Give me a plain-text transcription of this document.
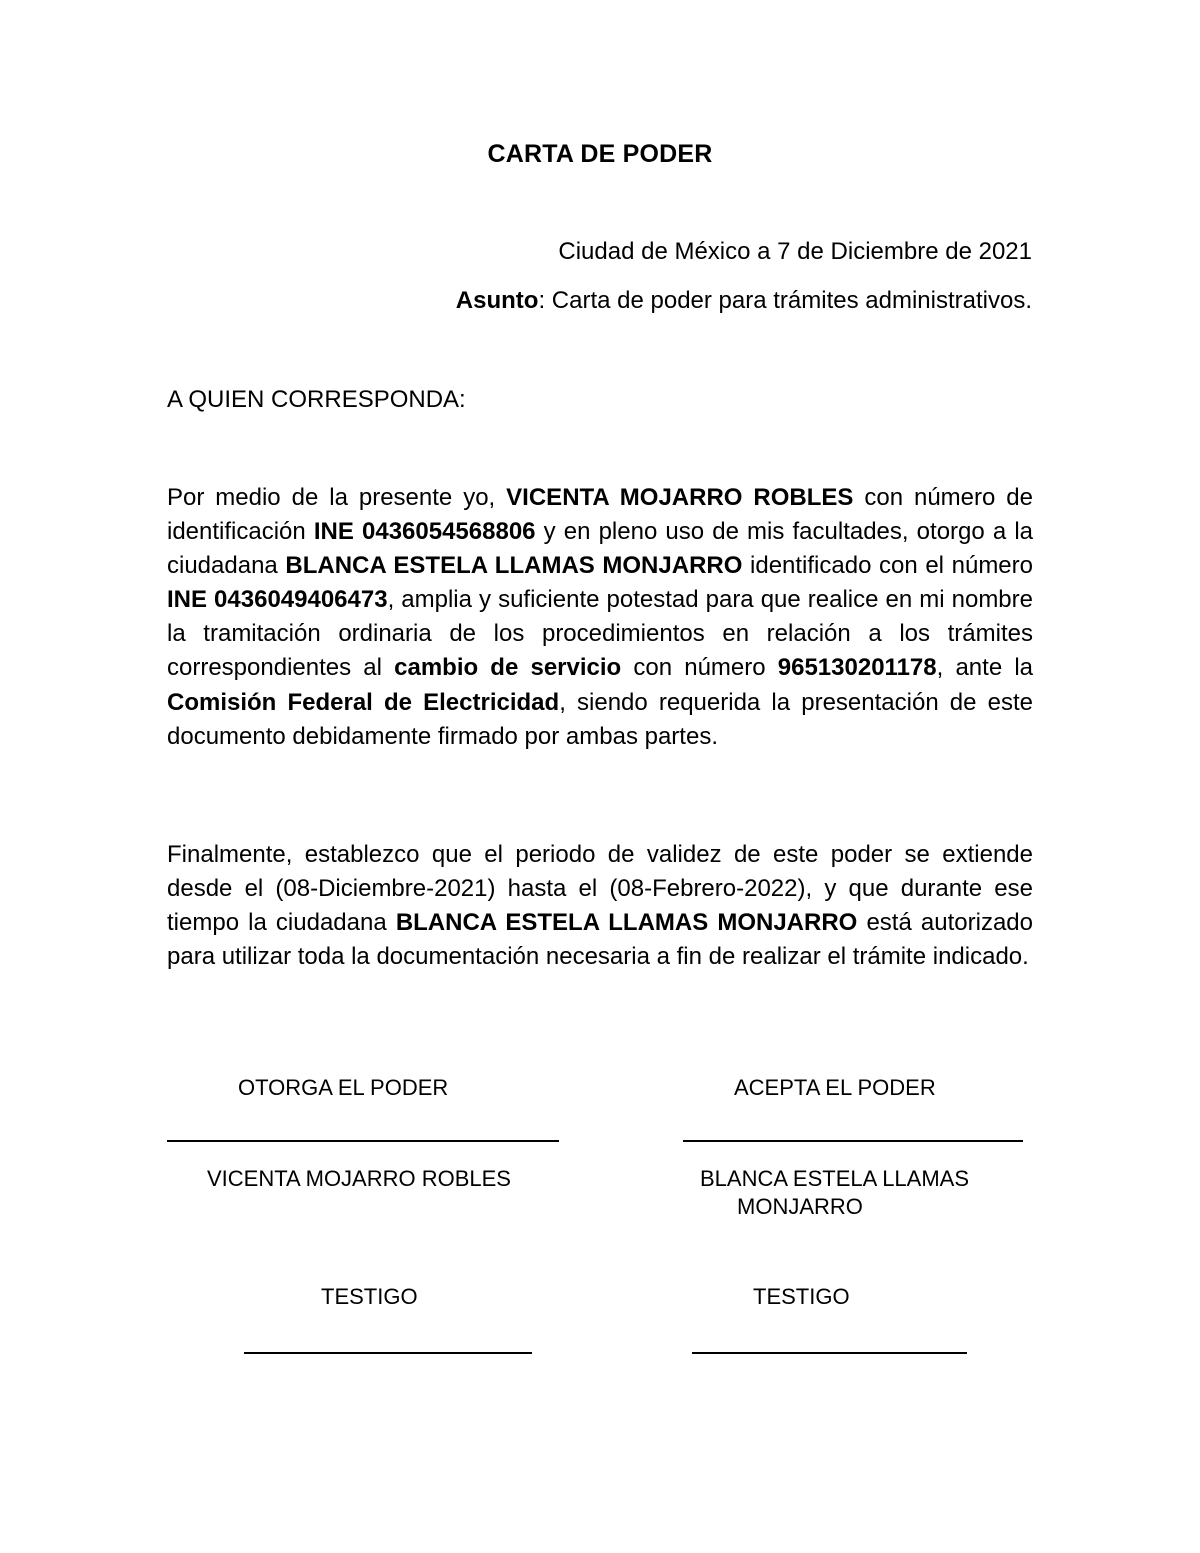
CARTA DE PODER
Ciudad de México a 7 de Diciembre de 2021
Asunto: Carta de poder para trámites administrativos.
A QUIEN CORRESPONDA:

Por medio de la presente yo, VICENTA MOJARRO ROBLES con número de identificación INE 0436054568806 y en pleno uso de mis facultades, otorgo a la ciudadana BLANCA ESTELA LLAMAS MONJARRO identificado con el número INE 0436049406473, amplia y suficiente potestad para que realice en mi nombre la tramitación ordinaria de los procedimientos en relación a los trámites correspondientes al cambio de servicio con número 965130201178, ante la Comisión Federal de Electricidad, siendo requerida la presentación de este documento debidamente firmado por ambas partes.

Finalmente, establezco que el periodo de validez de este poder se extiende desde el (08-Diciembre-2021) hasta el (08-Febrero-2022), y que durante ese tiempo la ciudadana BLANCA ESTELA LLAMAS MONJARRO está autorizado para utilizar toda la documentación necesaria a fin de realizar el trámite indicado.

OTORGA EL PODER	ACEPTA EL PODER
VICENTA MOJARRO ROBLES	BLANCA ESTELA LLAMAS
MONJARRO
TESTIGO	TESTIGO
